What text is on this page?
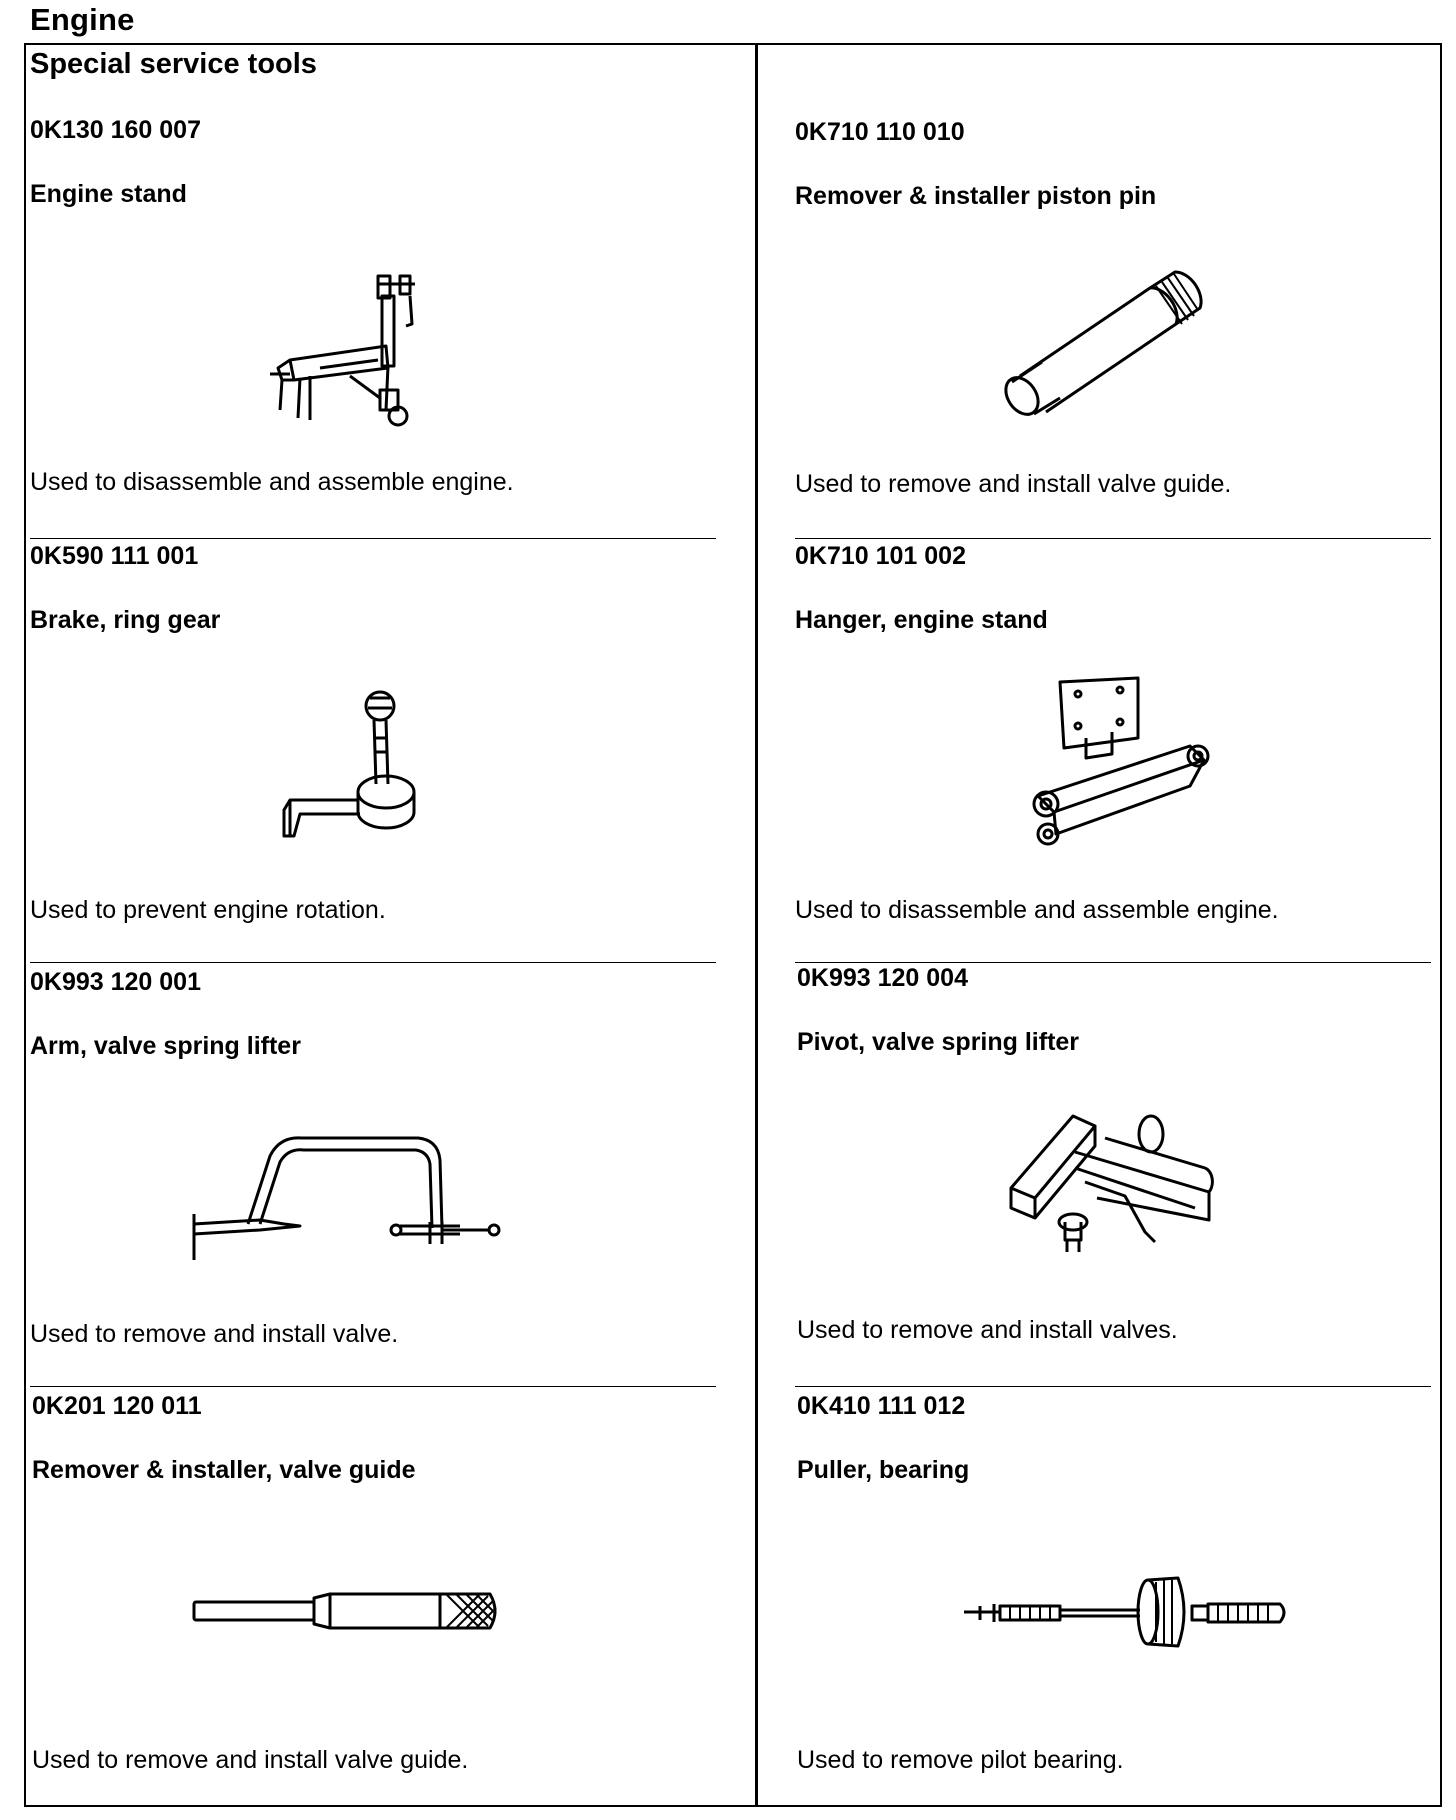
Engine
Special service tools
0K130 160 007
Engine stand
Used to disassemble and assemble engine.
0K710 110 010
Remover & installer piston pin
Used to remove and install valve guide.
0K590 111 001
Brake, ring gear
Used to prevent engine rotation.
0K710 101 002
Hanger, engine stand
Used to disassemble and assemble engine.
0K993 120 001
Arm, valve spring lifter
Used to remove and install valve.
0K993 120 004
Pivot, valve spring lifter
Used to remove and install valves.
0K201 120 011
Remover & installer, valve guide
Used to remove and install valve guide.
0K410 111 012
Puller, bearing
Used to remove pilot bearing.
